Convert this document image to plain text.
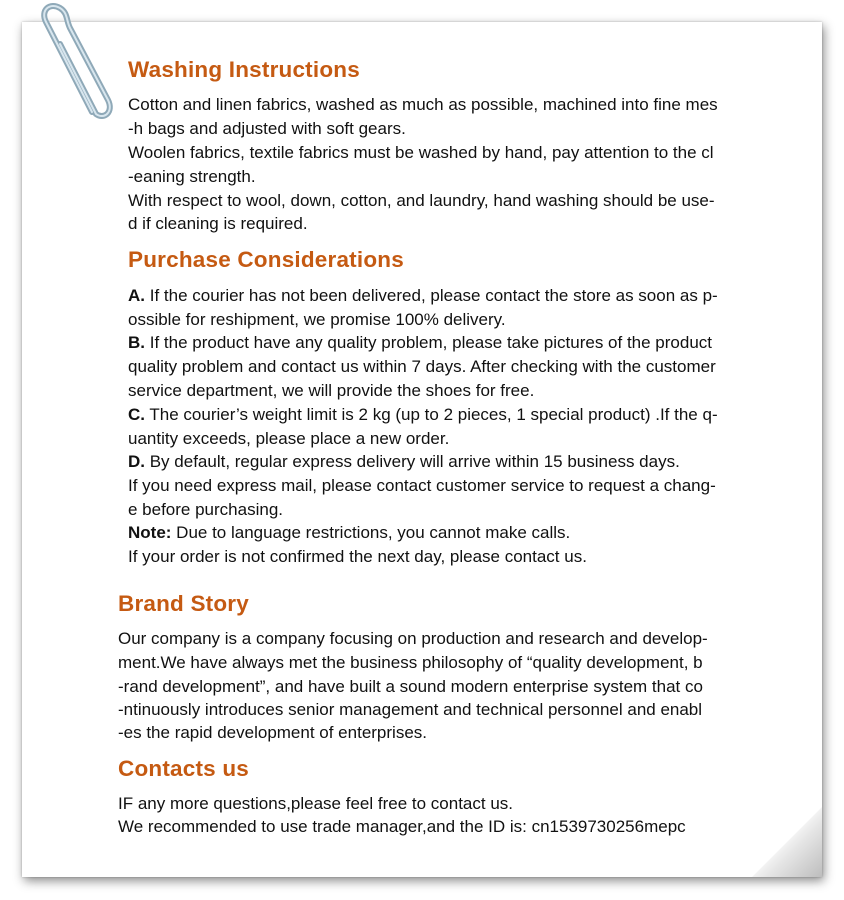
Washing Instructions
Cotton and linen fabrics, washed as much as possible, machined into fine mes
-h bags and adjusted with soft gears.
Woolen fabrics, textile fabrics must be washed by hand, pay attention to the cl
-eaning strength.
With respect to wool, down, cotton, and laundry, hand washing should be use-
d if cleaning is required.
Purchase Considerations
A. If the courier has not been delivered, please contact the store as soon as p-
ossible for reshipment, we promise 100% delivery.
B. If the product have any quality problem, please take pictures of the product
quality problem and contact us within 7 days. After checking with the customer
service department, we will provide the shoes for free.
C. The courier’s weight limit is 2 kg (up to 2 pieces, 1 special product) .If the q-
uantity exceeds, please place a new order.
D. By default, regular express delivery will arrive within 15 business days.
If you need express mail, please contact customer service to request a chang-
e before purchasing.
Note: Due to language restrictions, you cannot make calls.
If your order is not confirmed the next day, please contact us.
Brand Story
Our company is a company focusing on production and research and develop-
ment.We have always met the business philosophy of “quality development, b
-rand development”, and have built a sound modern enterprise system that co
-ntinuously introduces senior management and technical personnel and enabl
-es the rapid development of enterprises.
Contacts us
IF any more questions,please feel free to contact us.
We recommended to use trade manager,and the ID is: cn1539730256mepc
